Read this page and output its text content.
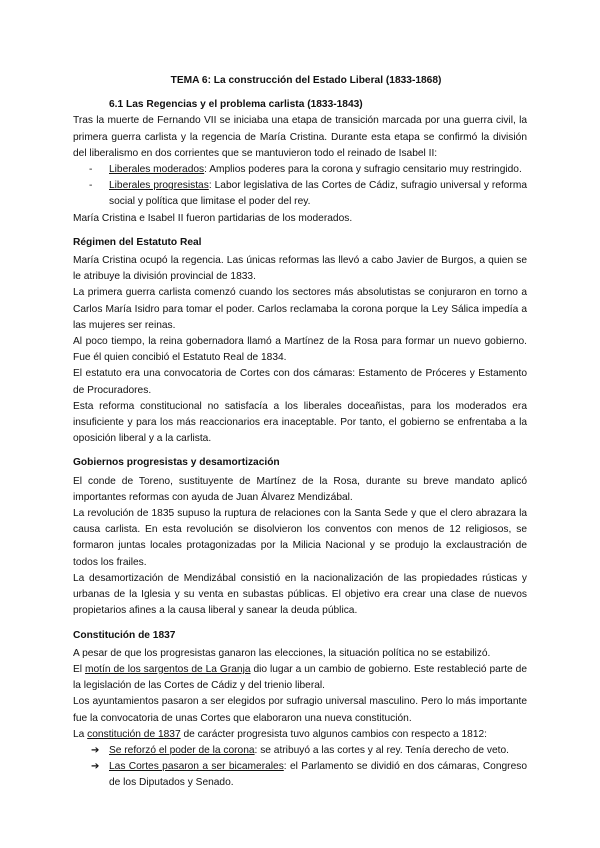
TEMA 6: La construcción del Estado Liberal (1833-1868)
6.1 Las Regencias y el problema carlista (1833-1843)

Tras la muerte de Fernando VII se iniciaba una etapa de transición marcada por una guerra civil, la primera guerra carlista y la regencia de María Cristina. Durante esta etapa se confirmó la división del liberalismo en dos corrientes que se mantuvieron todo el reinado de Isabel II:

- Liberales moderados: Amplios poderes para la corona y sufragio censitario muy restringido.
- Liberales progresistas: Labor legislativa de las Cortes de Cádiz, sufragio universal y reforma social y política que limitase el poder del rey.

María Cristina e Isabel II fueron partidarias de los moderados.

Régimen del Estatuto Real

María Cristina ocupó la regencia. Las únicas reformas las llevó a cabo Javier de Burgos, a quien se le atribuye la división provincial de 1833.

La primera guerra carlista comenzó cuando los sectores más absolutistas se conjuraron en torno a Carlos María Isidro para tomar el poder. Carlos reclamaba la corona porque la Ley Sálica impedía a las mujeres ser reinas.

Al poco tiempo, la reina gobernadora llamó a Martínez de la Rosa para formar un nuevo gobierno. Fue él quien concibió el Estatuto Real de 1834.

El estatuto era una convocatoria de Cortes con dos cámaras: Estamento de Próceres y Estamento de Procuradores.

Esta reforma constitucional no satisfacía a los liberales doceañistas, para los moderados era insuficiente y para los más reaccionarios era inaceptable. Por tanto, el gobierno se enfrentaba a la oposición liberal y a la carlista.

Gobiernos progresistas y desamortización

El conde de Toreno, sustituyente de Martínez de la Rosa, durante su breve mandato aplicó importantes reformas con ayuda de Juan Álvarez Mendizábal.

La revolución de 1835 supuso la ruptura de relaciones con la Santa Sede y que el clero abrazara la causa carlista. En esta revolución se disolvieron los conventos con menos de 12 religiosos, se formaron juntas locales protagonizadas por la Milicia Nacional y se produjo la exclaustración de todos los frailes.

La desamortización de Mendizábal consistió en la nacionalización de las propiedades rústicas y urbanas de la Iglesia y su venta en subastas públicas. El objetivo era crear una clase de nuevos propietarios afines a la causa liberal y sanear la deuda pública.

Constitución de 1837

A pesar de que los progresistas ganaron las elecciones, la situación política no se estabilizó.

El motín de los sargentos de La Granja dio lugar a un cambio de gobierno. Este restableció parte de la legislación de las Cortes de Cádiz y del trienio liberal.

Los ayuntamientos pasaron a ser elegidos por sufragio universal masculino. Pero lo más importante fue la convocatoria de unas Cortes que elaboraron una nueva constitución.

La constitución de 1837 de carácter progresista tuvo algunos cambios con respecto a 1812:

➔ Se reforzó el poder de la corona: se atribuyó a las cortes y al rey. Tenía derecho de veto.
➔ Las Cortes pasaron a ser bicamerales: el Parlamento se dividió en dos cámaras, Congreso de los Diputados y Senado.
